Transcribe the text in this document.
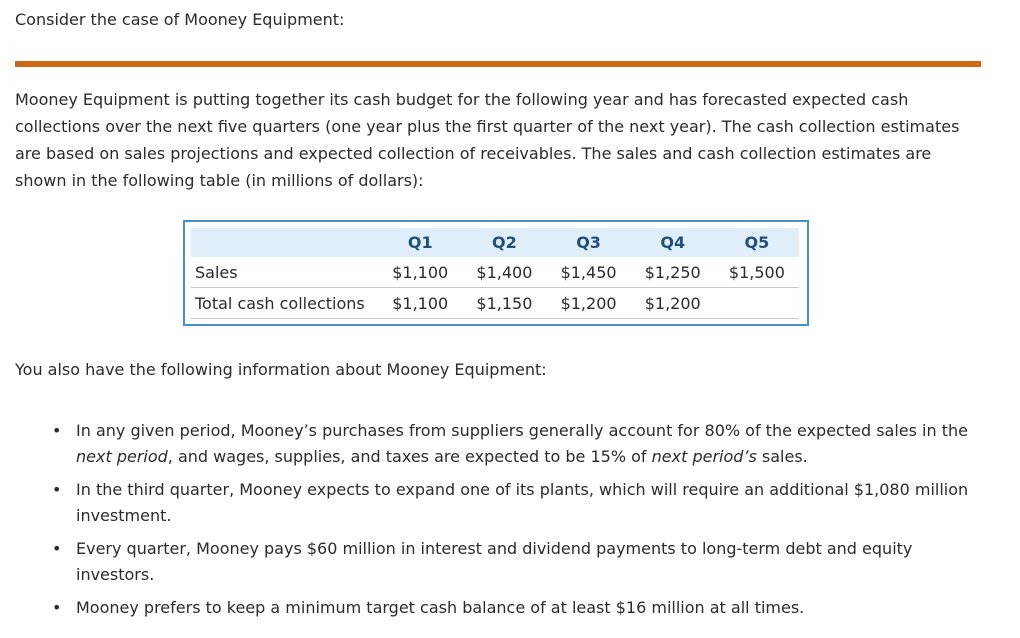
Consider the case of Mooney Equipment:
Mooney Equipment is putting together its cash budget for the following year and has forecasted expected cash collections over the next five quarters (one year plus the first quarter of the next year). The cash collection estimates are based on sales projections and expected collection of receivables. The sales and cash collection estimates are shown in the following table (in millions of dollars):
	Q1	Q2	Q3	Q4	Q5
Sales	$1,100	$1,400	$1,450	$1,250	$1,500
Total cash collections	$1,100	$1,150	$1,200	$1,200	
You also have the following information about Mooney Equipment:
• In any given period, Mooney’s purchases from suppliers generally account for 80% of the expected sales in the next period, and wages, supplies, and taxes are expected to be 15% of next period’s sales.
• In the third quarter, Mooney expects to expand one of its plants, which will require an additional $1,080 million investment.
• Every quarter, Mooney pays $60 million in interest and dividend payments to long-term debt and equity investors.
• Mooney prefers to keep a minimum target cash balance of at least $16 million at all times.
